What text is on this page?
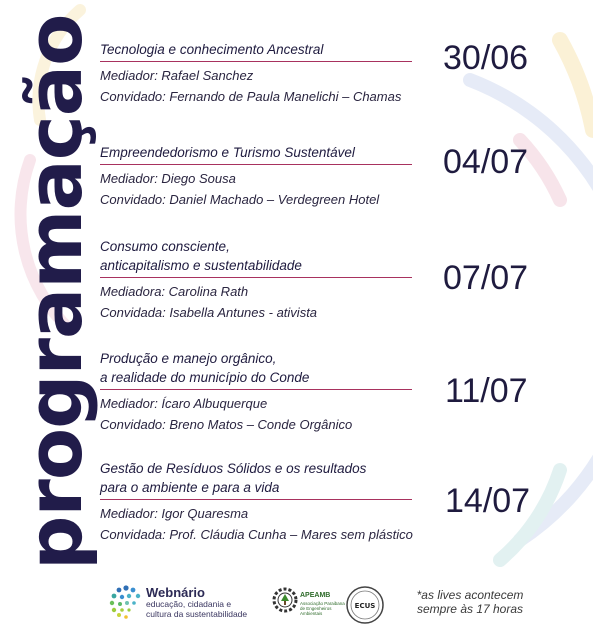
programação Tecnologia e conhecimento Ancestral
Mediador: Rafael Sanchez
Convidado: Fernando de Paula Manelichi – Chamas
30/06
Empreendedorismo e Turismo Sustentável
Mediador: Diego Sousa
Convidado: Daniel Machado – Verdegreen Hotel
04/07
Consumo consciente,
anticapitalismo e sustentabilidade
Mediadora: Carolina Rath
Convidada: Isabella Antunes - ativista
07/07
Produção e manejo orgânico,
a realidade do município do Conde
Mediador: Ícaro Albuquerque
Convidado: Breno Matos – Conde Orgânico
11/07
Gestão de Resíduos Sólidos e os resultados
para o ambiente e para a vida
Mediador: Igor Quaresma
Convidada: Prof. Cláudia Cunha – Mares sem plástico
14/07
Webnário
educação, cidadania e
cultura da sustentabilidade
APEAMB
Associação Paraibana de Engenheiros Ambientais
ECUS
*as lives acontecem
sempre às 17 horas
